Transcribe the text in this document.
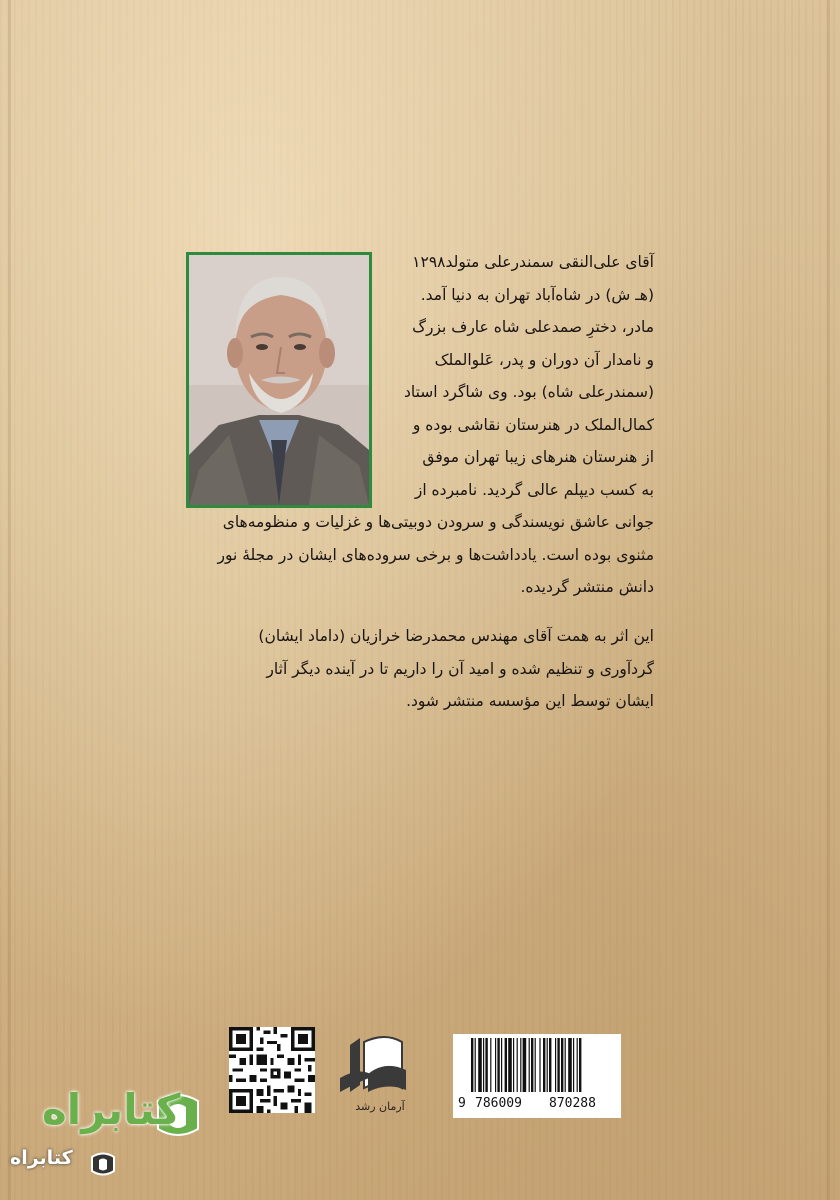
آقای علی‌النقی سمندرعلی متولد۱۲۹۸
(هـ ش) در شاه‌آباد تهران به دنیا آمد.
مادر، دخترِ صمدعلی شاه عارف بزرگ
و نامدار آن دوران و پدر، عَلوالملک
(سمندرعلی شاه) بود. وی شاگرد استاد
کمال‌الملک در هنرستان نقاشی بوده و
از هنرستان هنرهای زیبا تهران موفق
به کسب دیپلم عالی گردید. نامبرده از
جوانی عاشق نویسندگی و سرودن دوبیتی‌ها و غزلیات و منظومه‌های
مثنوی بوده است. یادداشت‌ها و برخی سروده‌های ایشان در مجلهٔ نور
دانش منتشر گردیده.
این اثر به همت آقای مهندس محمدرضا خرازیان (داماد ایشان)
گردآوری و تنظیم شده و امید آن را داریم تا در آینده دیگر آثار
ایشان توسط این مؤسسه منتشر شود.
آرمان رشد	9 786009 870288
کتابراه
کتابراه
